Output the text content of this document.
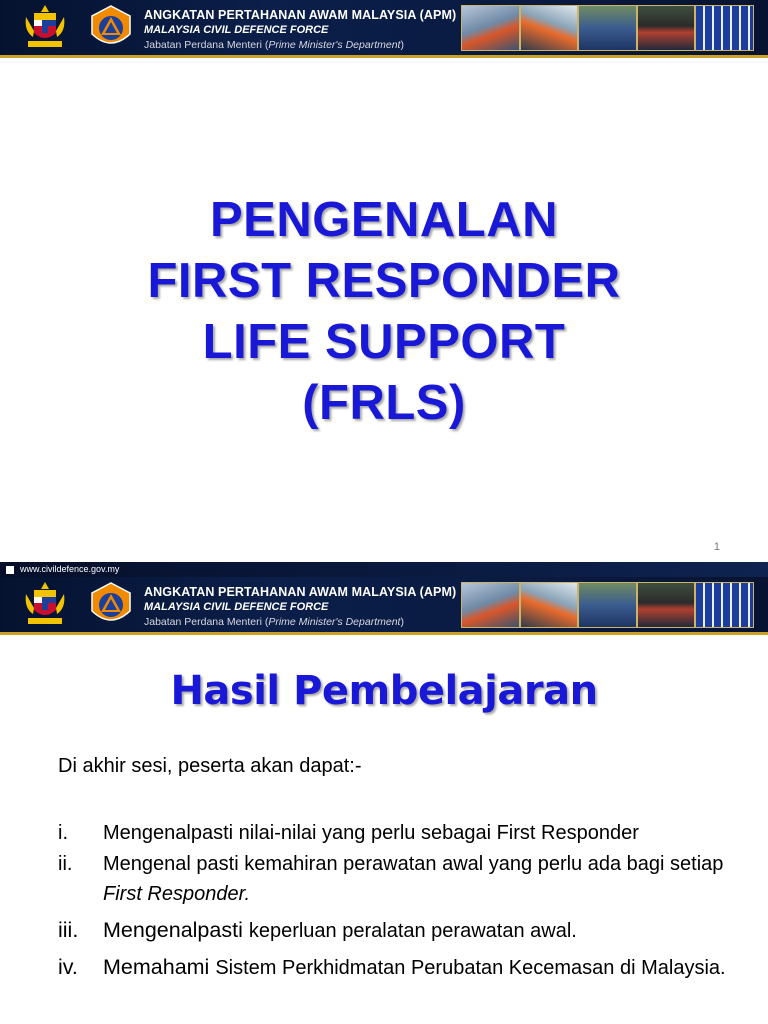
ANGKATAN PERTAHANAN AWAM MALAYSIA (APM)
MALAYSIA CIVIL DEFENCE FORCE
Jabatan Perdana Menteri (Prime Minister's Department)
PENGENALAN
FIRST RESPONDER
LIFE SUPPORT
(FRLS)
1
www.civildefence.gov.my
ANGKATAN PERTAHANAN AWAM MALAYSIA (APM)
MALAYSIA CIVIL DEFENCE FORCE
Jabatan Perdana Menteri (Prime Minister's Department)
Hasil Pembelajaran
Di akhir sesi, peserta akan dapat:-
i. Mengenalpasti nilai-nilai yang perlu sebagai First Responder
ii. Mengenal pasti kemahiran perawatan awal yang perlu ada bagi setiap First Responder.
iii. Mengenalpasti keperluan peralatan perawatan awal.
iv. Memahami Sistem Perkhidmatan Perubatan Kecemasan di Malaysia.
